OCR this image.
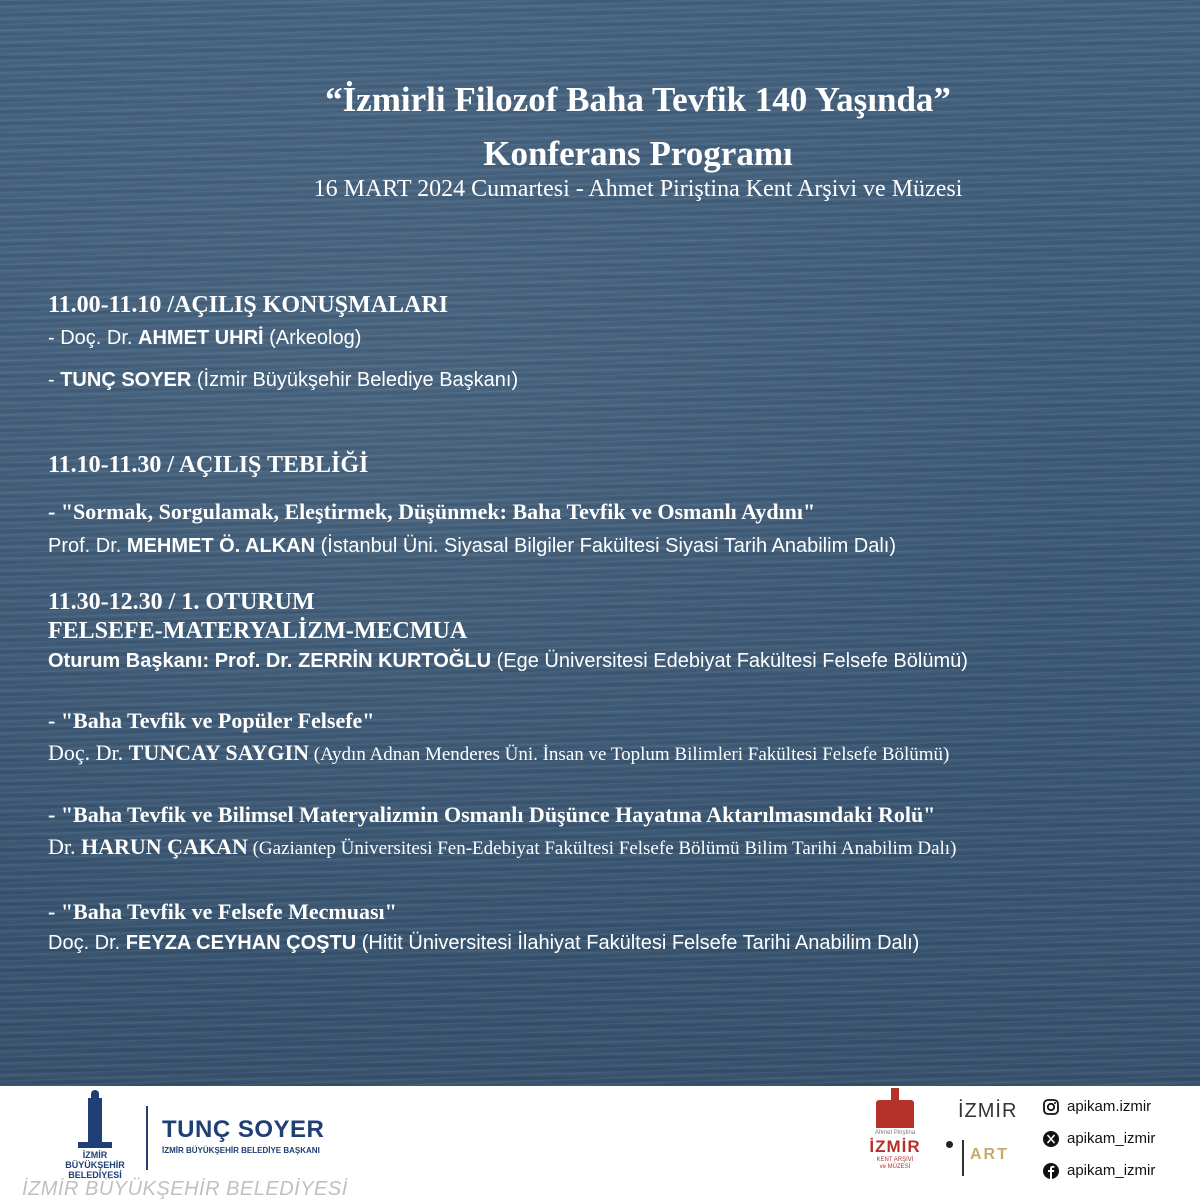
“İzmirli Filozof Baha Tevfik 140 Yaşında”
Konferans Programı
16 MART 2024 Cumartesi - Ahmet Piriştina Kent Arşivi ve Müzesi
11.00-11.10 /AÇILIŞ KONUŞMALARI
- Doç. Dr. AHMET UHRİ (Arkeolog)
- TUNÇ SOYER (İzmir Büyükşehir Belediye Başkanı)
11.10-11.30 / AÇILIŞ TEBLİĞİ
- "Sormak, Sorgulamak, Eleştirmek, Düşünmek: Baha Tevfik ve Osmanlı Aydını"
Prof. Dr. MEHMET Ö. ALKAN (İstanbul Üni. Siyasal Bilgiler Fakültesi Siyasi Tarih Anabilim Dalı)
11.30-12.30 / 1. OTURUM
FELSEFE-MATERYALİZM-MECMUA
Oturum Başkanı: Prof. Dr. ZERRİN KURTOĞLU (Ege Üniversitesi Edebiyat Fakültesi Felsefe Bölümü)
- "Baha Tevfik ve Popüler Felsefe"
Doç. Dr. TUNCAY SAYGIN (Aydın Adnan Menderes Üni. İnsan ve Toplum Bilimleri Fakültesi Felsefe Bölümü)
- "Baha Tevfik ve Bilimsel Materyalizmin Osmanlı Düşünce Hayatına Aktarılmasındaki Rolü"
Dr. HARUN ÇAKAN (Gaziantep Üniversitesi Fen-Edebiyat Fakültesi Felsefe Bölümü Bilim Tarihi Anabilim Dalı)
- "Baha Tevfik ve Felsefe Mecmuası"
Doç. Dr. FEYZA CEYHAN ÇOŞTU (Hitit Üniversitesi İlahiyat Fakültesi Felsefe Tarihi Anabilim Dalı)
İZMİR
BÜYÜKŞEHİR
BELEDİYESİ
TUNÇ SOYER
İZMİR BÜYÜKŞEHİR BELEDİYE BAŞKANI
İZMİR BÜYÜKŞEHİR BELEDİYESİ
Ahmet Piriştina
İZMİR
KENT ARŞİVİ
ve MÜZESİ
İZMİR
ART
apikam.izmir
apikam_izmir
apikam_izmir
